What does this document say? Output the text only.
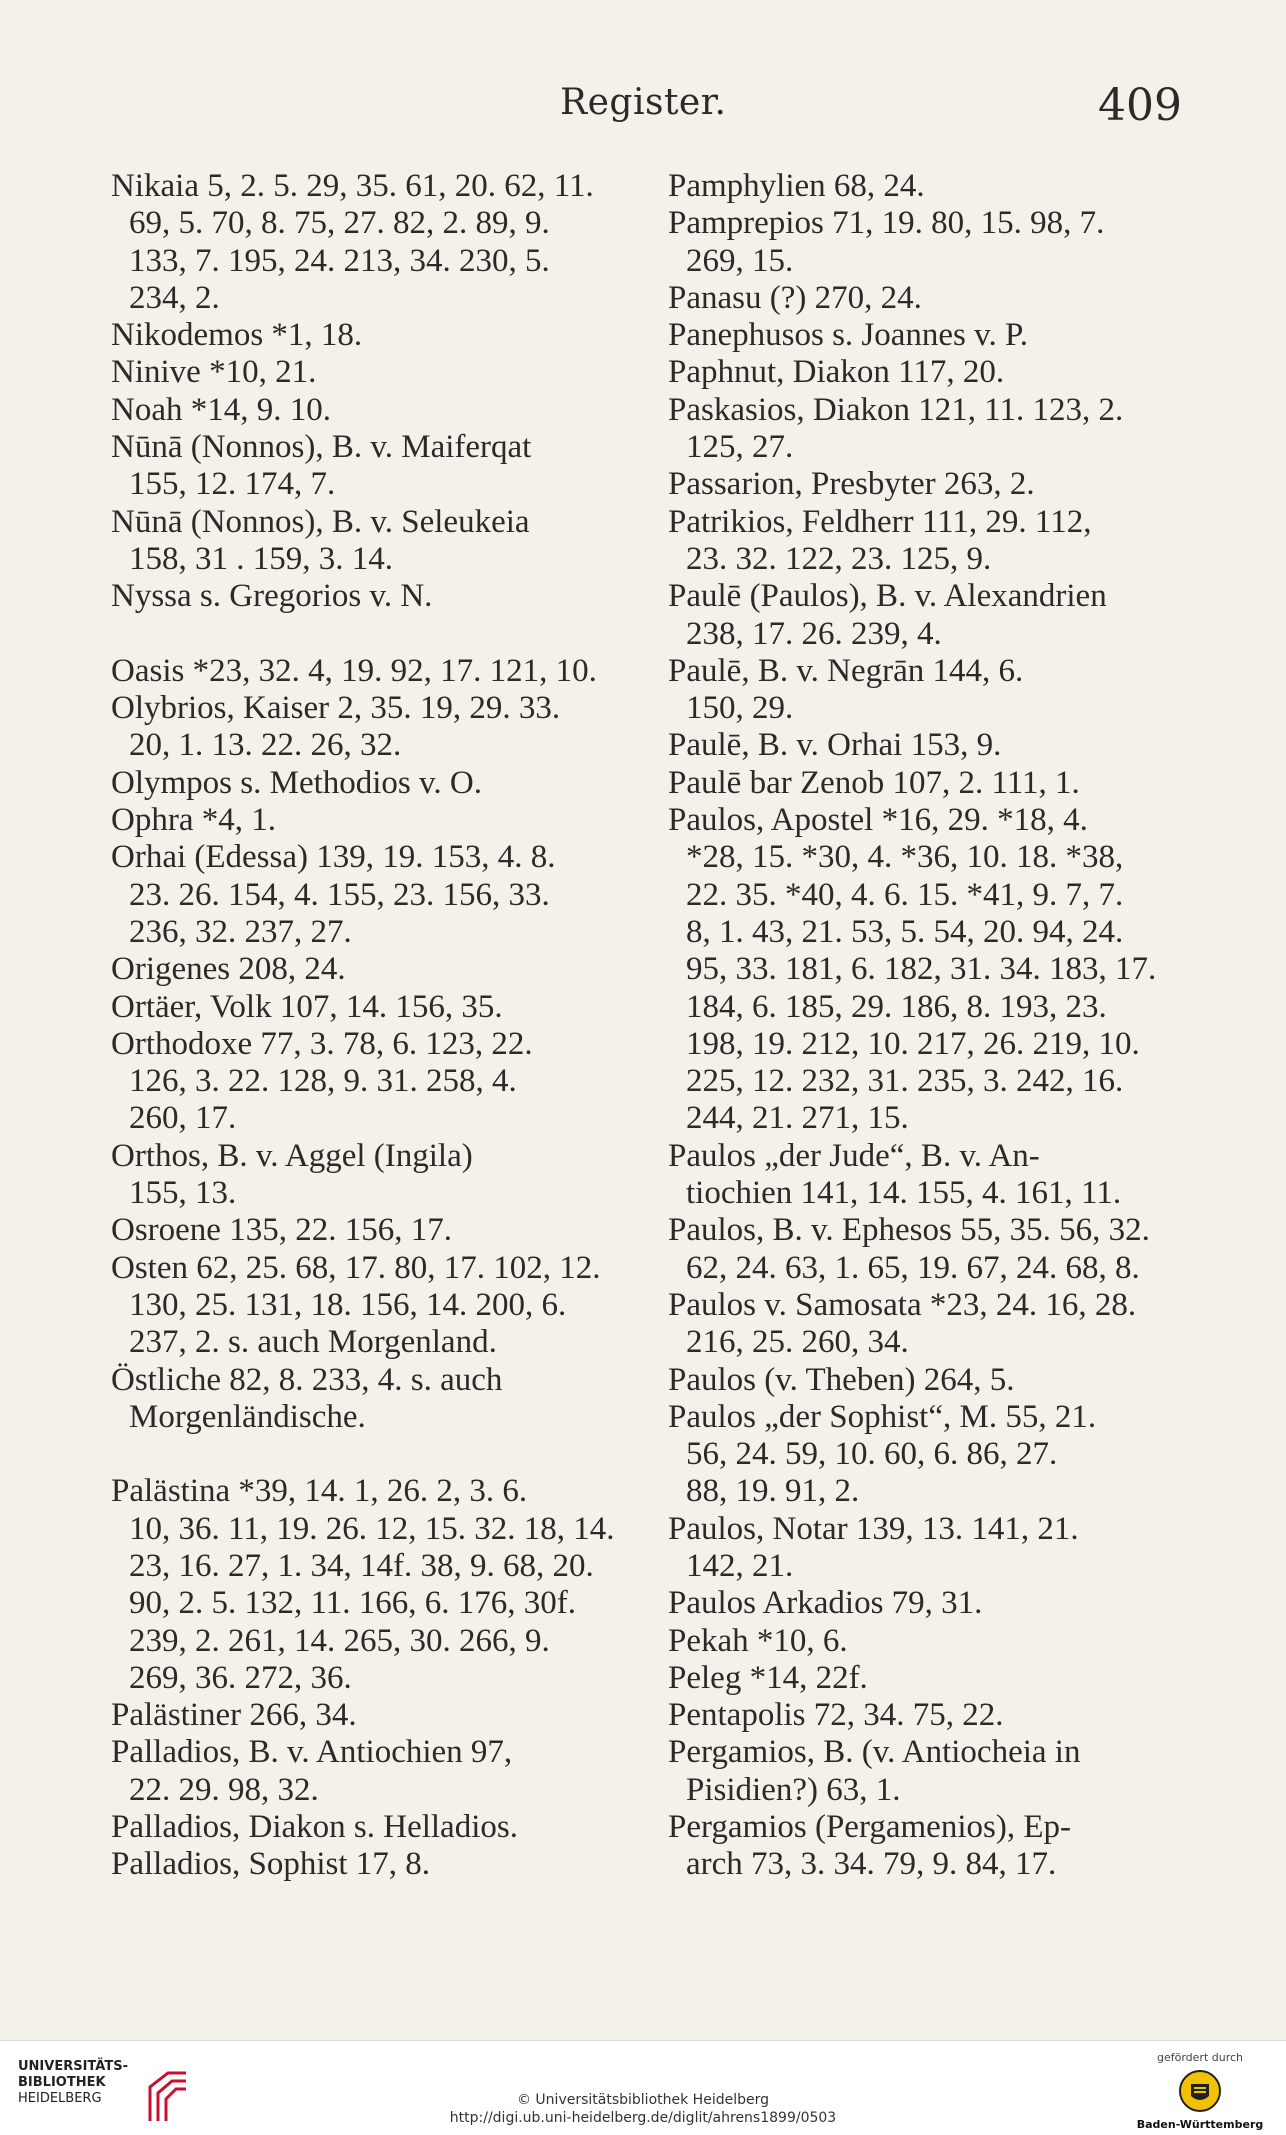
Register.	409
Nikaia 5, 2. 5. 29, 35. 61, 20. 62, 11.
69, 5. 70, 8. 75, 27. 82, 2. 89, 9.
133, 7. 195, 24. 213, 34. 230, 5.
234, 2.
Nikodemos *1, 18.
Ninive *10, 21.
Noah *14, 9. 10.
Nūnā (Nonnos), B. v. Maiferqat
155, 12. 174, 7.
Nūnā (Nonnos), B. v. Seleukeia
158, 31 . 159, 3. 14.
Nyssa s. Gregorios v. N.
Oasis *23, 32. 4, 19. 92, 17. 121, 10.
Olybrios, Kaiser 2, 35. 19, 29. 33.
20, 1. 13. 22. 26, 32.
Olympos s. Methodios v. O.
Ophra *4, 1.
Orhai (Edessa) 139, 19. 153, 4. 8.
23. 26. 154, 4. 155, 23. 156, 33.
236, 32. 237, 27.
Origenes 208, 24.
Ortäer, Volk 107, 14. 156, 35.
Orthodoxe 77, 3. 78, 6. 123, 22.
126, 3. 22. 128, 9. 31. 258, 4.
260, 17.
Orthos, B. v. Aggel (Ingila)
155, 13.
Osroene 135, 22. 156, 17.
Osten 62, 25. 68, 17. 80, 17. 102, 12.
130, 25. 131, 18. 156, 14. 200, 6.
237, 2. s. auch Morgenland.
Östliche 82, 8. 233, 4. s. auch
Morgenländische.
Palästina *39, 14. 1, 26. 2, 3. 6.
10, 36. 11, 19. 26. 12, 15. 32. 18, 14.
23, 16. 27, 1. 34, 14f. 38, 9. 68, 20.
90, 2. 5. 132, 11. 166, 6. 176, 30f.
239, 2. 261, 14. 265, 30. 266, 9.
269, 36. 272, 36.
Palästiner 266, 34.
Palladios, B. v. Antiochien 97,
22. 29. 98, 32.
Palladios, Diakon s. Helladios.
Palladios, Sophist 17, 8.
Pamphylien 68, 24.
Pamprepios 71, 19. 80, 15. 98, 7.
269, 15.
Panasu (?) 270, 24.
Panephusos s. Joannes v. P.
Paphnut, Diakon 117, 20.
Paskasios, Diakon 121, 11. 123, 2.
125, 27.
Passarion, Presbyter 263, 2.
Patrikios, Feldherr 111, 29. 112,
23. 32. 122, 23. 125, 9.
Paulē (Paulos), B. v. Alexandrien
238, 17. 26. 239, 4.
Paulē, B. v. Negrān 144, 6.
150, 29.
Paulē, B. v. Orhai 153, 9.
Paulē bar Zenob 107, 2. 111, 1.
Paulos, Apostel *16, 29. *18, 4.
*28, 15. *30, 4. *36, 10. 18. *38,
22. 35. *40, 4. 6. 15. *41, 9. 7, 7.
8, 1. 43, 21. 53, 5. 54, 20. 94, 24.
95, 33. 181, 6. 182, 31. 34. 183, 17.
184, 6. 185, 29. 186, 8. 193, 23.
198, 19. 212, 10. 217, 26. 219, 10.
225, 12. 232, 31. 235, 3. 242, 16.
244, 21. 271, 15.
Paulos „der Jude“, B. v. An-
tiochien 141, 14. 155, 4. 161, 11.
Paulos, B. v. Ephesos 55, 35. 56, 32.
62, 24. 63, 1. 65, 19. 67, 24. 68, 8.
Paulos v. Samosata *23, 24. 16, 28.
216, 25. 260, 34.
Paulos (v. Theben) 264, 5.
Paulos „der Sophist“, M. 55, 21.
56, 24. 59, 10. 60, 6. 86, 27.
88, 19. 91, 2.
Paulos, Notar 139, 13. 141, 21.
142, 21.
Paulos Arkadios 79, 31.
Pekah *10, 6.
Peleg *14, 22f.
Pentapolis 72, 34. 75, 22.
Pergamios, B. (v. Antiocheia in
Pisidien?) 63, 1.
Pergamios (Pergamenios), Ep-
arch 73, 3. 34. 79, 9. 84, 17.
UNIVERSITÄTS-
BIBLIOTHEK
HEIDELBERG	© Universitätsbibliothek Heidelberg
http://digi.ub.uni-heidelberg.de/diglit/ahrens1899/0503
gefördert durch
Baden-Württemberg
